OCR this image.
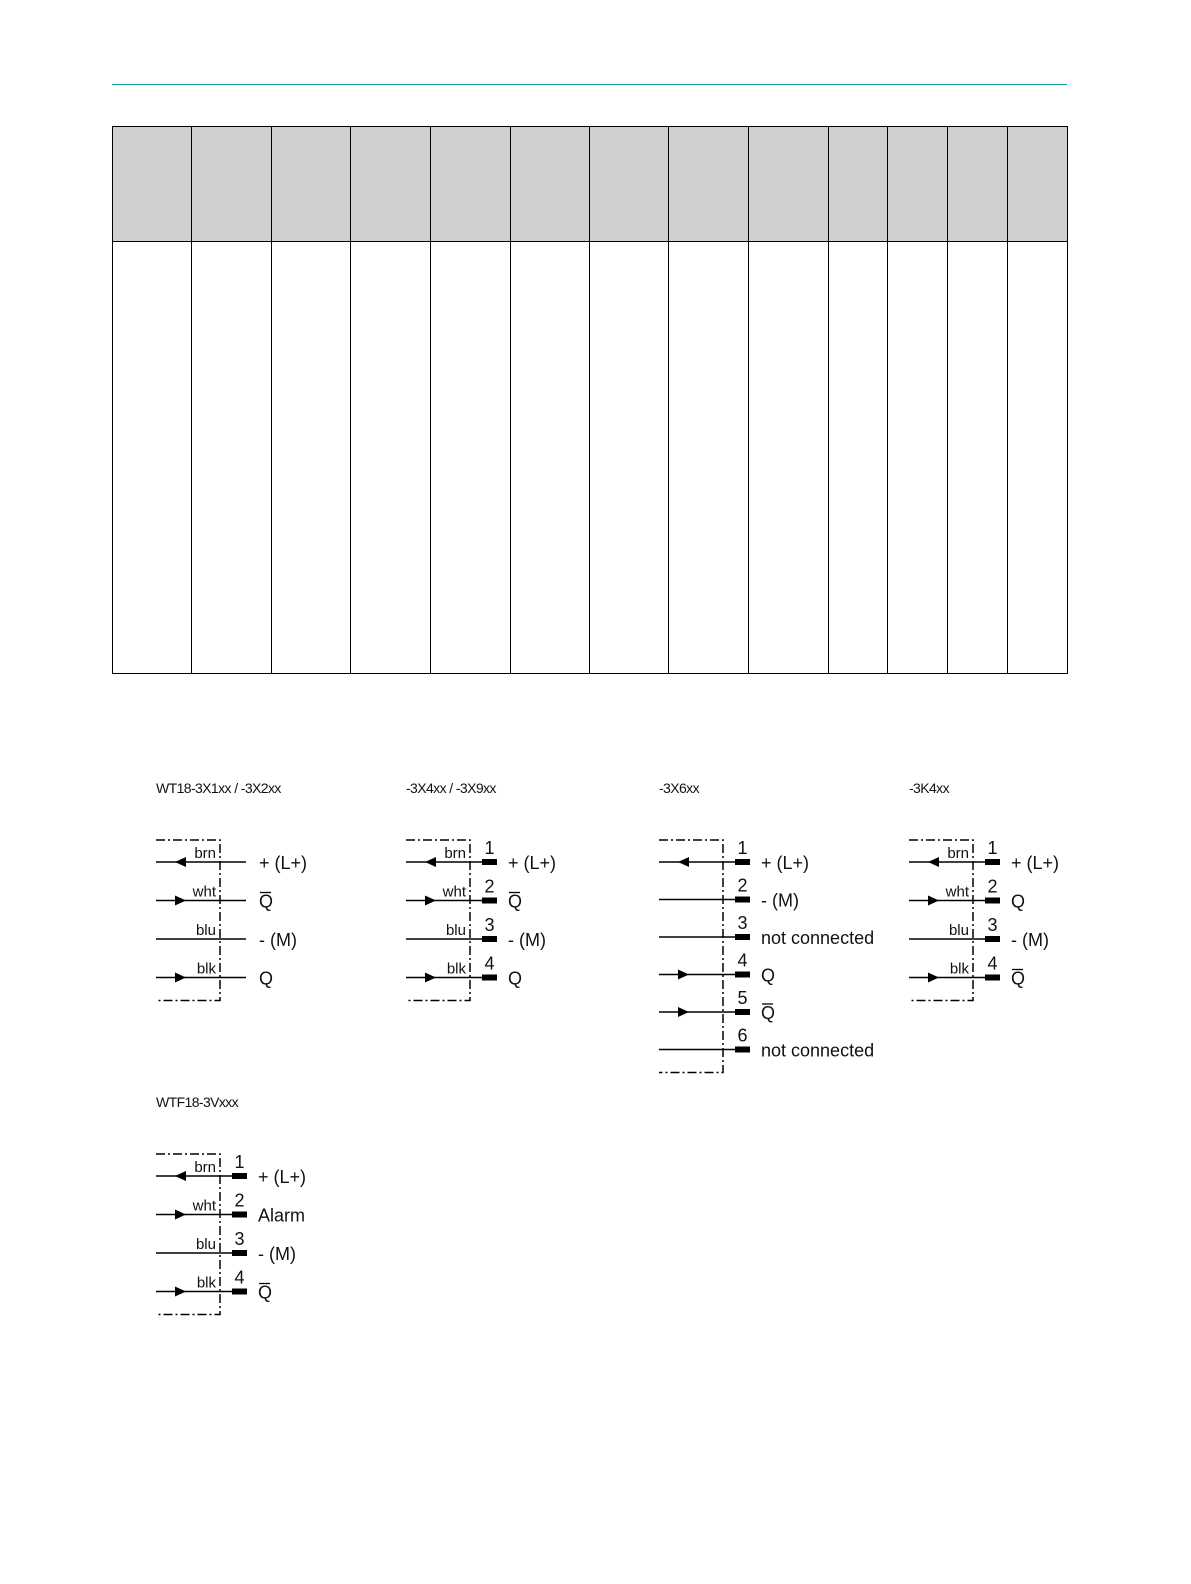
WT18-3X1xx / -3X2xx	-3X4xx / -3X9xx	-3X6xx	-3K4xx
WTF18-3Vxxx
brn + (L+)
wht Q
blu - (M)
blk Q
brn 1
+ (L+)
wht 2
Q
blu 3
- (M)
blk 4
Q
1
+ (L+)
2
- (M)
3
not connected
4
Q
5
Q
6
not connected
brn 1
+ (L+)
wht 2
Q
blu 3
- (M)
blk 4
Q
brn 1
+ (L+)
wht 2
Alarm
blu 3
- (M)
blk 4
Q
